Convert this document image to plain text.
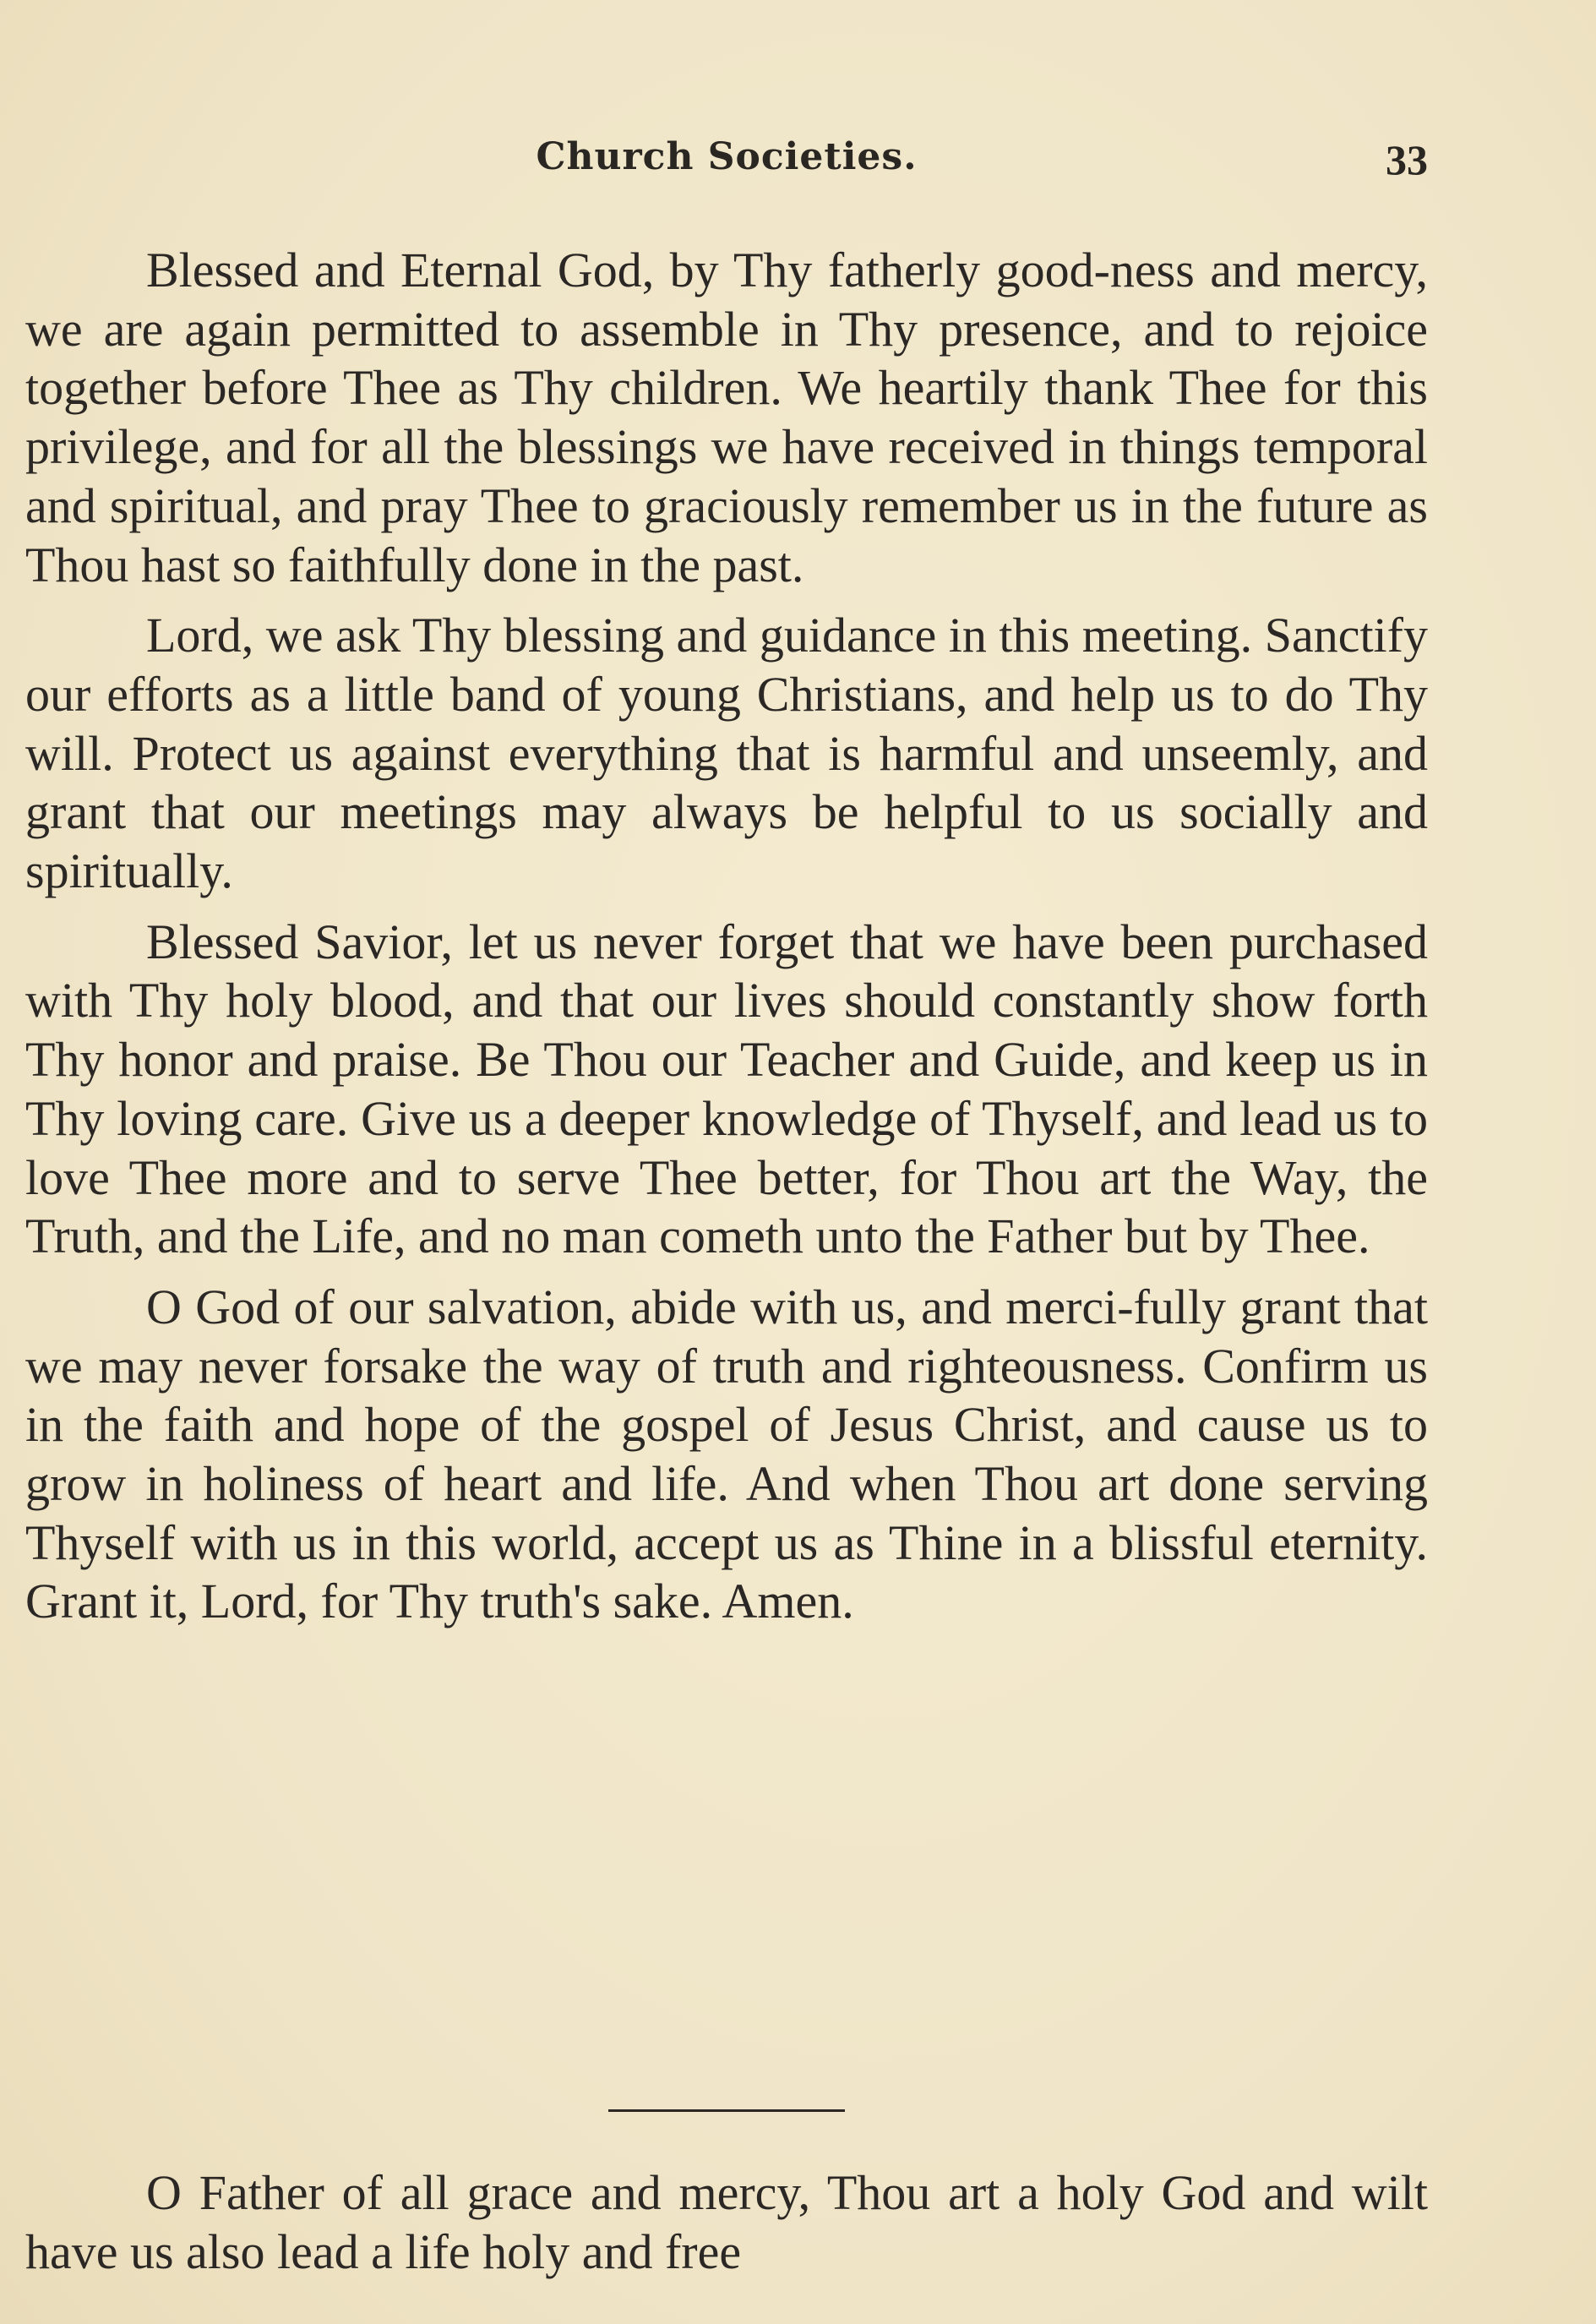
Church Societies.	33

Blessed and Eternal God, by Thy fatherly good-ness and mercy, we are again permitted to assemble in Thy presence, and to rejoice together before Thee as Thy children. We heartily thank Thee for this privilege, and for all the blessings we have received in things temporal and spiritual, and pray Thee to graciously remember us in the future as Thou hast so faithfully done in the past.

Lord, we ask Thy blessing and guidance in this meeting. Sanctify our efforts as a little band of young Christians, and help us to do Thy will. Protect us against everything that is harmful and unseemly, and grant that our meetings may always be helpful to us socially and spiritually.

Blessed Savior, let us never forget that we have been purchased with Thy holy blood, and that our lives should constantly show forth Thy honor and praise. Be Thou our Teacher and Guide, and keep us in Thy loving care. Give us a deeper knowledge of Thyself, and lead us to love Thee more and to serve Thee better, for Thou art the Way, the Truth, and the Life, and no man cometh unto the Father but by Thee.

O God of our salvation, abide with us, and merci-fully grant that we may never forsake the way of truth and righteousness. Confirm us in the faith and hope of the gospel of Jesus Christ, and cause us to grow in holiness of heart and life. And when Thou art done serving Thyself with us in this world, accept us as Thine in a blissful eternity. Grant it, Lord, for Thy truth's sake. Amen.

O Father of all grace and mercy, Thou art a holy God and wilt have us also lead a life holy and free
